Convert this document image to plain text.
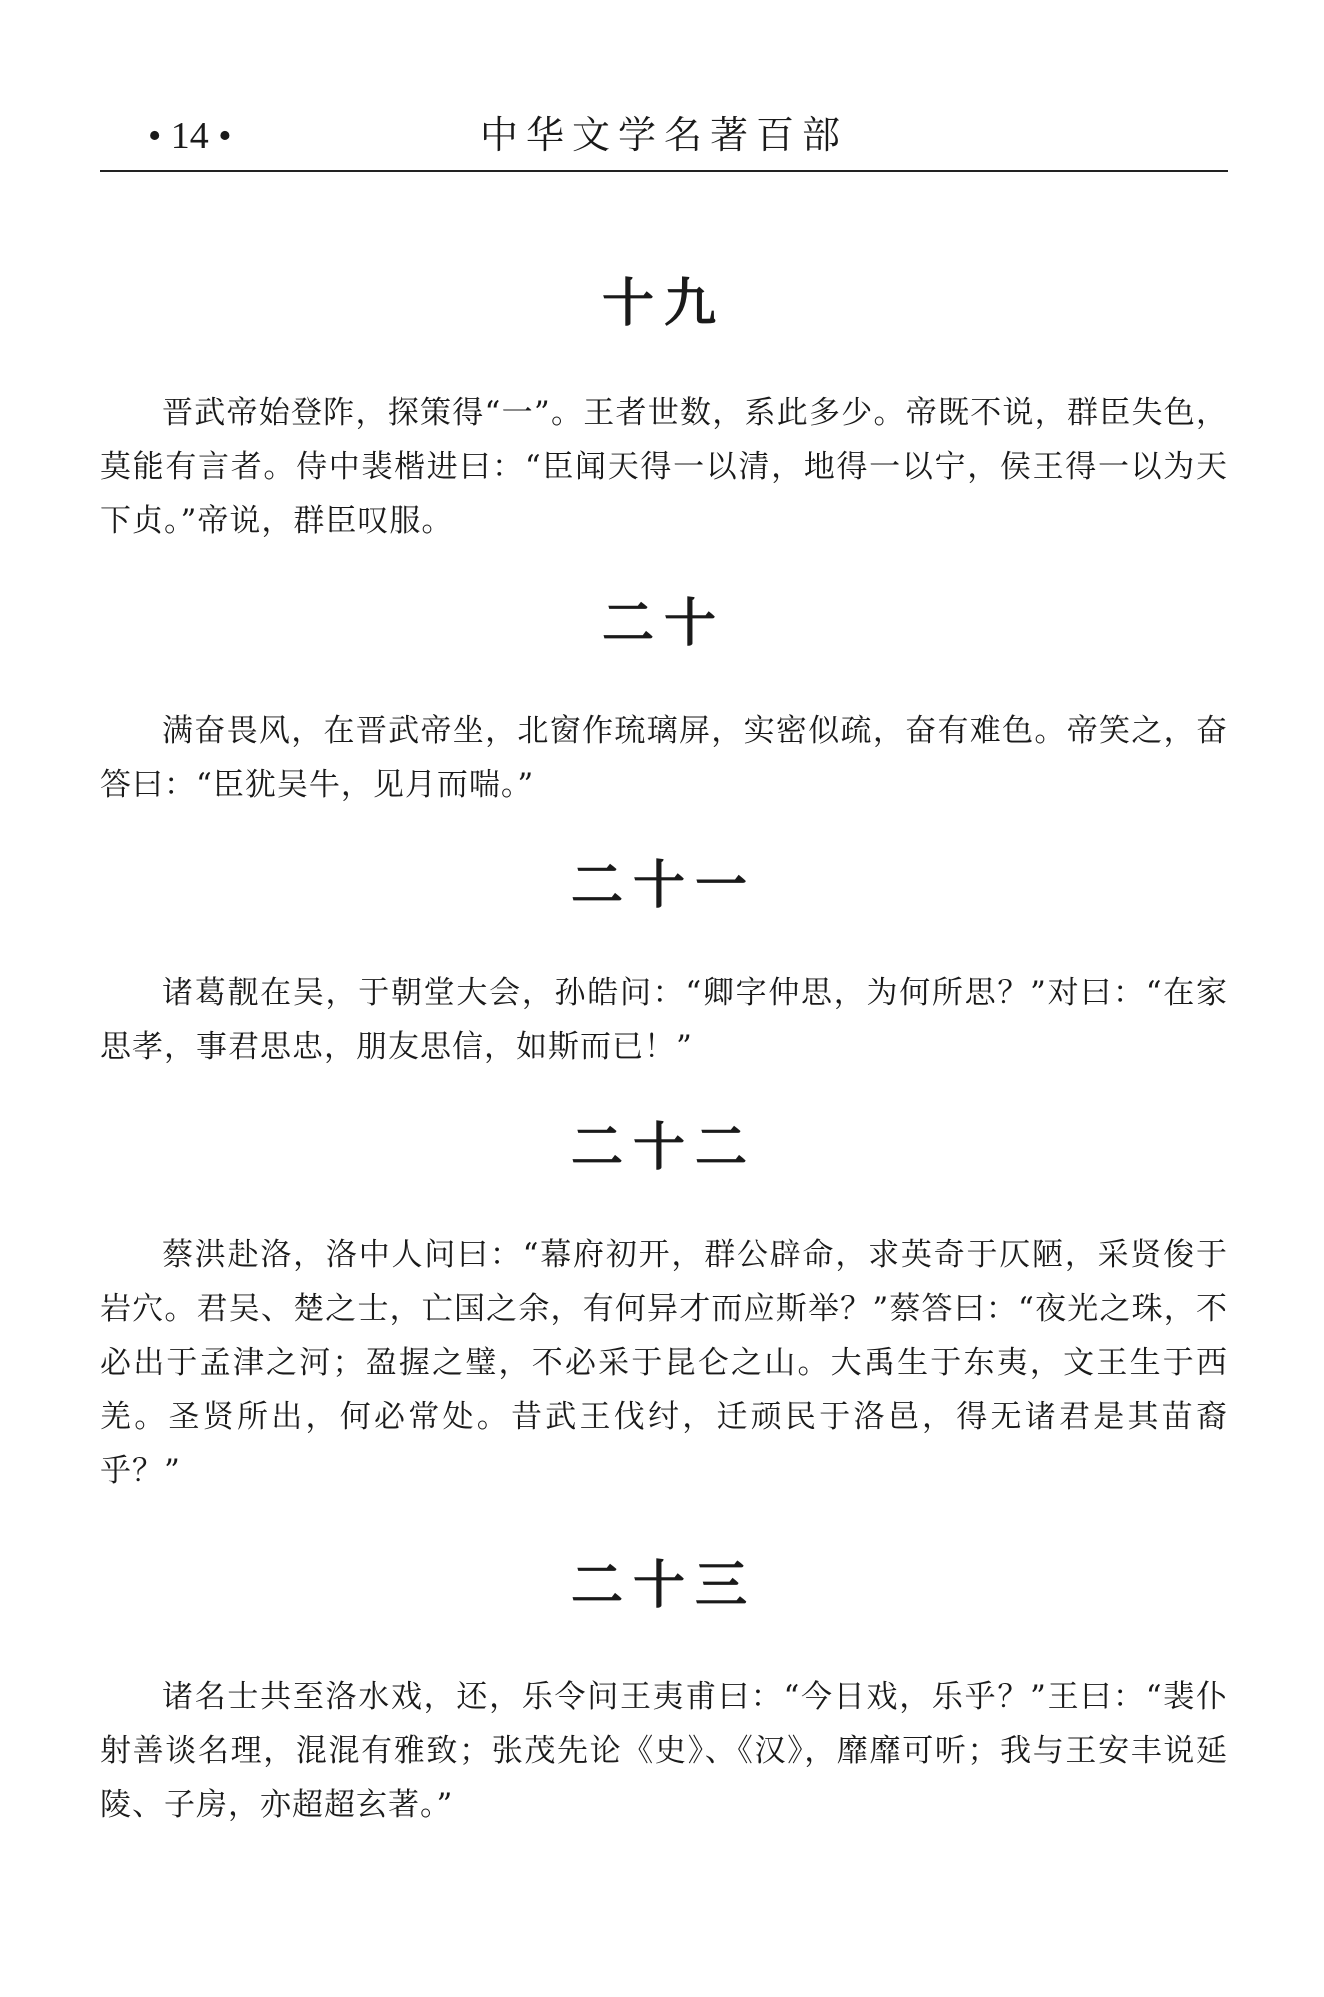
• 14 •	中华文学名著百部
十九

晋武帝始登阼，探策得“一”。王者世数，系此多少。帝既不说，群臣失色，莫能有言者。侍中裴楷进曰：“臣闻天得一以清，地得一以宁，侯王得一以为天下贞。”帝说，群臣叹服。

二十

满奋畏风，在晋武帝坐，北窗作琉璃屏，实密似疏，奋有难色。帝笑之，奋答曰：“臣犹吴牛，见月而喘。”

二十一

诸葛靓在吴，于朝堂大会，孙皓问：“卿字仲思，为何所思？”对曰：“在家思孝，事君思忠，朋友思信，如斯而已！”

二十二

蔡洪赴洛，洛中人问曰：“幕府初开，群公辟命，求英奇于仄陋，采贤俊于岩穴。君吴、楚之士，亡国之余，有何异才而应斯举？”蔡答曰：“夜光之珠，不必出于孟津之河；盈握之璧，不必采于昆仑之山。大禹生于东夷，文王生于西羌。圣贤所出，何必常处。昔武王伐纣，迁顽民于洛邑，得无诸君是其苗裔乎？”

二十三

诸名士共至洛水戏，还，乐令问王夷甫曰：“今日戏，乐乎？”王曰：“裴仆射善谈名理，混混有雅致；张茂先论《史》、《汉》，靡靡可听；我与王安丰说延陵、子房，亦超超玄著。”
